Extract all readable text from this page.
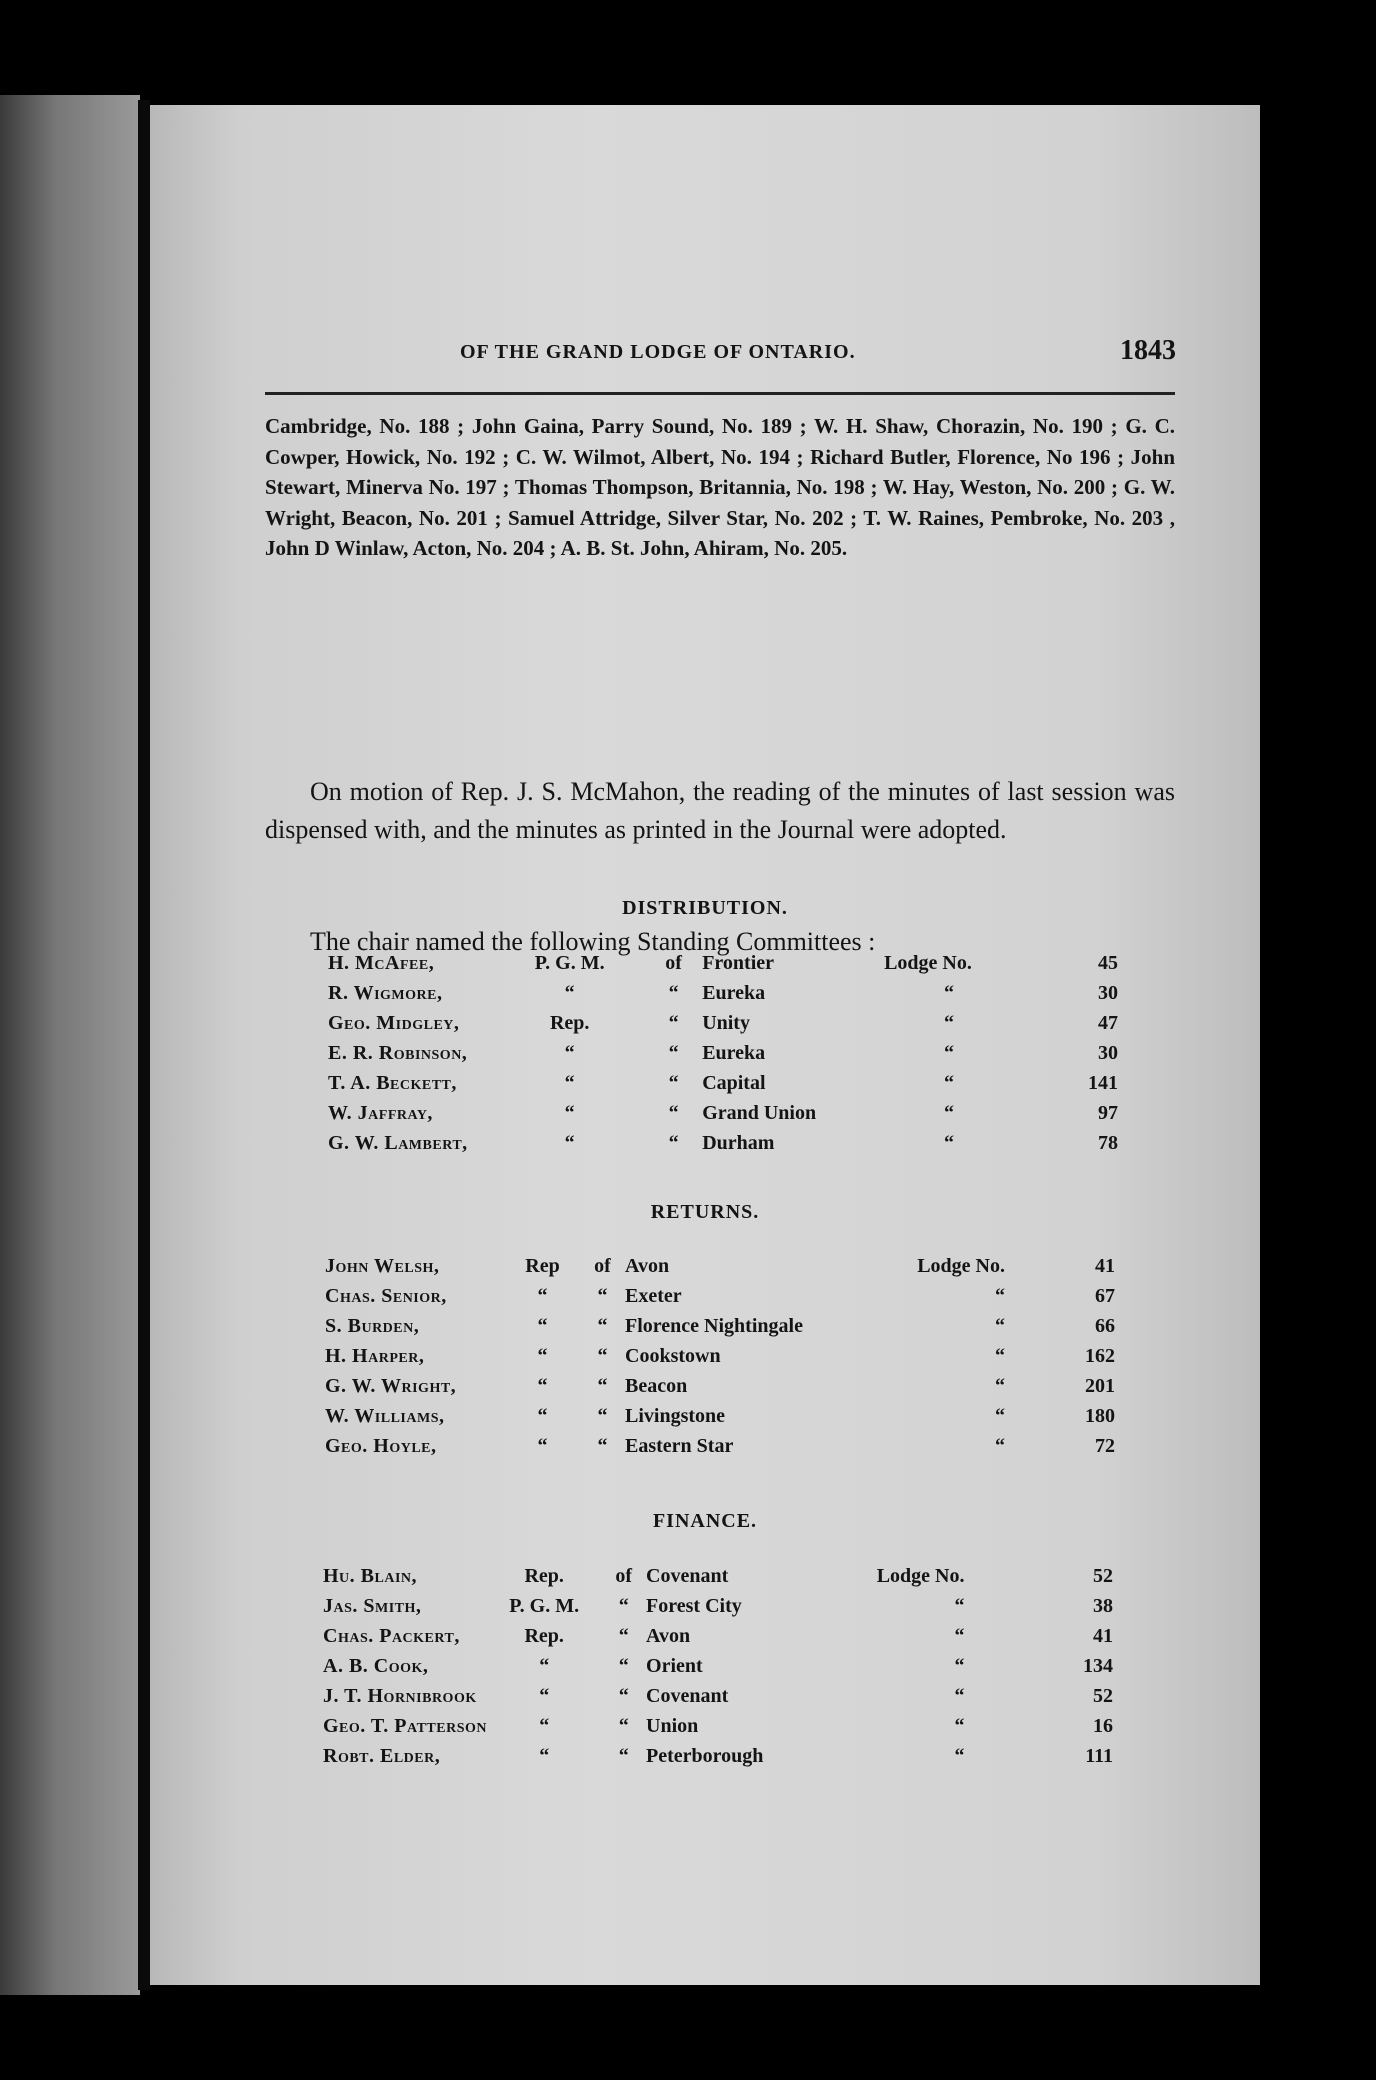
OF THE GRAND LODGE OF ONTARIO.	1843

Cambridge, No. 188 ; John Gaina, Parry Sound, No. 189 ; W. H. Shaw, Chorazin, No. 190 ; G. C. Cowper, Howick, No. 192 ; C. W. Wilmot, Albert, No. 194 ; Richard Butler, Florence, No 196 ; John Stewart, Minerva No. 197 ; Thomas Thompson, Britannia, No. 198 ; W. Hay, Weston, No. 200 ; G. W. Wright, Beacon, No. 201 ; Samuel Attridge, Silver Star, No. 202 ; T. W. Raines, Pembroke, No. 203 , John D Winlaw, Acton, No. 204 ; A. B. St. John, Ahiram, No. 205.

On motion of Rep. J. S. McMahon, the reading of the minutes of last session was dispensed with, and the minutes as printed in the Journal were adopted.

The chair named the following Standing Committees :

DISTRIBUTION.
H. McAfee,	P. G. M.	of	Frontier	Lodge No.	45
R. Wigmore,	“	“	Eureka	“	30
Geo. Midgley,	Rep.	“	Unity	“	47
E. R. Robinson,	“	“	Eureka	“	30
T. A. Beckett,	“	“	Capital	“	141
W. Jaffray,	“	“	Grand Union	“	97
G. W. Lambert,	“	“	Durham	“	78
RETURNS.
John Welsh,	Rep	of	Avon	Lodge No.	41
Chas. Senior,	“	“	Exeter	“	67
S. Burden,	“	“	Florence Nightingale	“	66
H. Harper,	“	“	Cookstown	“	162
G. W. Wright,	“	“	Beacon	“	201
W. Williams,	“	“	Livingstone	“	180
Geo. Hoyle,	“	“	Eastern Star	“	72
FINANCE.
Hu. Blain,	Rep.	of	Covenant	Lodge No.	52
Jas. Smith,	P. G. M.	“	Forest City	“	38
Chas. Packert,	Rep.	“	Avon	“	41
A. B. Cook,	“	“	Orient	“	134
J. T. Hornibrook	“	“	Covenant	“	52
Geo. T. Patterson	“	“	Union	“	16
Robt. Elder,	“	“	Peterborough	“	111
